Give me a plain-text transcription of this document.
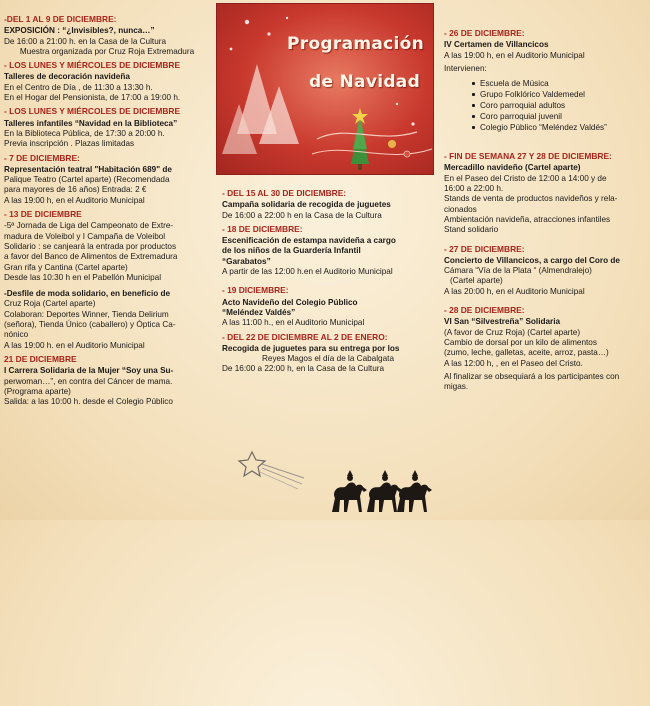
Programación
de Navidad
-DEL 1 AL 9 DE DICIEMBRE:
EXPOSICIÓN : “¿Invisibles?, nunca…”
De 16:00 a 21:00 h. en la Casa de la Cultura
Muestra organizada por Cruz Roja Extremadura
- LOS LUNES Y MIÉRCOLES DE DICIEMBRE
Talleres de decoración navideña
En el Centro de Día , de 11:30 a 13:30 h.
En el Hogar del Pensionista, de 17:00 a 19:00 h.
- LOS LUNES Y MIÉRCOLES DE DICIEMBRE
Talleres infantiles “Navidad en la Biblioteca”
En la Biblioteca Pública, de 17:30 a 20:00 h.
Previa inscripción . Plazas limitadas
- 7 DE DICIEMBRE:
Representación teatral "Habitación 689" de
Palique Teatro (Cartel aparte) (Recomendada
para mayores de 16 años) Entrada: 2 €
A las 19:00 h, en el Auditorio Municipal
- 13 DE DICIEMBRE
-5ª Jornada de Liga del Campeonato de Extre-
madura de Voleibol y I Campaña de Voleibol
Solidario : se canjeará la entrada por productos
a favor del Banco de Alimentos de Extremadura
Gran rifa y Cantina (Cartel aparte)
Desde las 10:30 h en el Pabellón Municipal
-Desfile de moda solidario, en beneficio de
Cruz Roja (Cartel aparte)
Colaboran: Deportes Winner, Tienda Delirium
(señora), Tienda Único (caballero) y Óptica Ca-
nónico
A las 19:00 h. en el Auditorio Municipal
21 DE DICIEMBRE
I Carrera Solidaria de la Mujer “Soy una Su-
perwoman…”, en contra del Cáncer de mama.
(Programa aparte)
Salida: a las 10:00 h. desde el Colegio Público
- DEL 15 AL 30 DE DICIEMBRE:
Campaña solidaria de recogida de juguetes
De 16:00 a 22:00 h en la Casa de la Cultura
- 18 DE DICIEMBRE:
Escenificación de estampa navideña a cargo
de los niños de la Guardería Infantil
“Garabatos”
A partir de las 12:00 h.en el Auditorio Municipal
- 19 DICIEMBRE:
Acto Navideño del Colegio Público
“Meléndez Valdés”
A las 11:00 h., en el Auditorio Municipal
- DEL 22 DE DICIEMBRE AL 2 DE ENERO:
Recogida de juguetes para su entrega por los
Reyes Magos el día de la Cabalgata
De 16:00 a 22:00 h, en la Casa de la Cultura
- 26 DE DICIEMBRE:
IV Certamen de Villancicos
A las 19:00 h, en el Auditorio Municipal
Intervienen:
Escuela de Música
Grupo Folklórico Valdemedel
Coro parroquial adultos
Coro parroquial juvenil
Colegio Público “Meléndez Valdés”
- FIN DE SEMANA 27 Y 28 DE DICIEMBRE:
Mercadillo navideño (Cartel aparte)
En el Paseo del Cristo de 12:00 a 14:00 y de
16:00 a 22:00 h.
Stands de venta de productos navideños y rela-
cionados
Ambientación navideña, atracciones infantiles
Stand solidario
- 27 DE DICIEMBRE:
Concierto de Villancicos, a cargo del Coro de
Cámara “Vía de la Plata “ (Almendralejo)
(Cartel aparte)
A las 20:00 h, en el Auditorio Municipal
- 28 DE DICIEMBRE:
VI San “Silvestreña” Solidaria
(A favor de Cruz Roja) (Cartel aparte)
Cambio de dorsal por un kilo de alimentos
(zumo, leche, galletas, aceite, arroz, pasta…)
A las 12:00 h, , en el Paseo del Cristo.
Al finalizar se obsequiará a los participantes con
migas.
